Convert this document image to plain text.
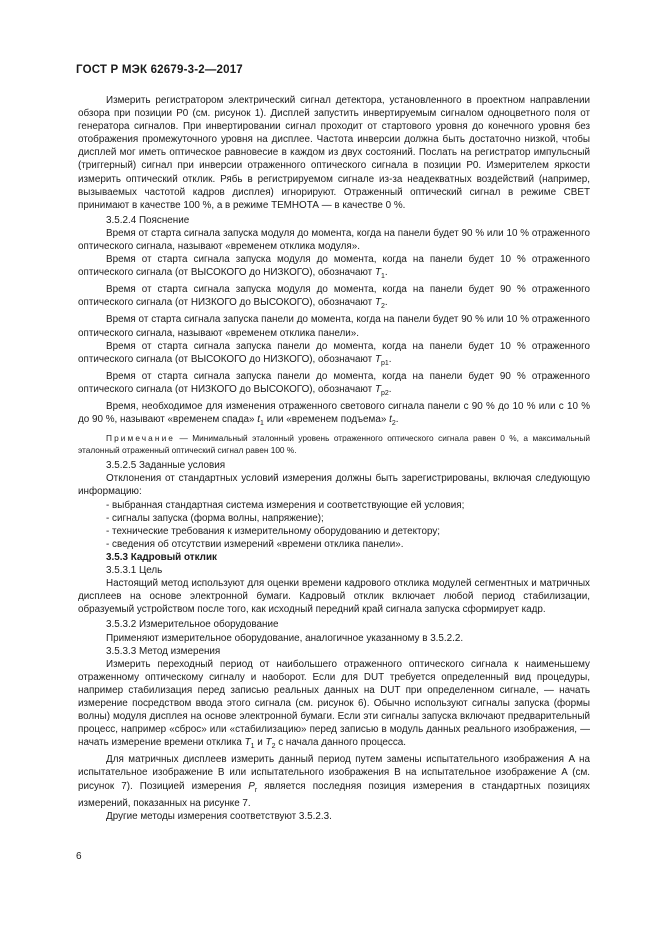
ГОСТ Р МЭК 62679-3-2—2017

Измерить регистратором электрический сигнал детектора, установленного в проектном направлении обзора при позиции P0 (см. рисунок 1). Дисплей запустить инвертируемым сигналом одноцветного поля от генератора сигналов. При инвертировании сигнал проходит от стартового уровня до конечного уровня без отображения промежуточного уровня на дисплее. Частота инверсии должна быть достаточно низкой, чтобы дисплей мог иметь оптическое равновесие в каждом из двух состояний. Послать на регистратор импульсный (триггерный) сигнал при инверсии отраженного оптического сигнала в позиции P0. Измерителем яркости измерить оптический отклик. Рябь в регистрируемом сигнале из-за неадекватных воздействий (например, вызываемых частотой кадров дисплея) игнорируют. Отраженный оптический сигнал в режиме СВЕТ принимают в качестве 100 %, а в режиме ТЕМНОТА — в качестве 0 %.

3.5.2.4 Пояснение

Время от старта сигнала запуска модуля до момента, когда на панели будет 90 % или 10 % отраженного оптического сигнала, называют «временем отклика модуля».

Время от старта сигнала запуска модуля до момента, когда на панели будет 10 % отраженного оптического сигнала (от ВЫСОКОГО до НИЗКОГО), обозначают $T_1$.

Время от старта сигнала запуска модуля до момента, когда на панели будет 90 % отраженного оптического сигнала (от НИЗКОГО до ВЫСОКОГО), обозначают $T_2$.

Время от старта сигнала запуска панели до момента, когда на панели будет 90 % или 10 % отраженного оптического сигнала, называют «временем отклика панели».

Время от старта сигнала запуска панели до момента, когда на панели будет 10 % отраженного оптического сигнала (от ВЫСОКОГО до НИЗКОГО), обозначают $T_{p1}$.

Время от старта сигнала запуска панели до момента, когда на панели будет 90 % отраженного оптического сигнала (от НИЗКОГО до ВЫСОКОГО), обозначают $T_{p2}$.

Время, необходимое для изменения отраженного светового сигнала панели с 90 % до 10 % или с 10 % до 90 %, называют «временем спада» $t_1$ или «временем подъема» $t_2$.

Примечание — Минимальный эталонный уровень отраженного оптического сигнала равен 0 %, а максимальный эталонный отраженный оптический сигнал равен 100 %.

3.5.2.5 Заданные условия

Отклонения от стандартных условий измерения должны быть зарегистрированы, включая следующую информацию:

- выбранная стандартная система измерения и соответствующие ей условия;

- сигналы запуска (форма волны, напряжение);

- технические требования к измерительному оборудованию и детектору;

- сведения об отсутствии измерений «времени отклика панели».

3.5.3 Кадровый отклик

3.5.3.1 Цель

Настоящий метод используют для оценки времени кадрового отклика модулей сегментных и матричных дисплеев на основе электронной бумаги. Кадровый отклик включает любой период стабилизации, образуемый устройством после того, как исходный передний край сигнала запуска сформирует кадр.

3.5.3.2 Измерительное оборудование

Применяют измерительное оборудование, аналогичное указанному в 3.5.2.2.

3.5.3.3 Метод измерения

Измерить переходный период от наибольшего отраженного оптического сигнала к наименьшему отраженному оптическому сигналу и наоборот. Если для DUT требуется определенный вид процедуры, например стабилизация перед записью реальных данных на DUT при определенном сигнале, — начать измерение посредством ввода этого сигнала (см. рисунок 6). Обычно используют сигналы запуска (формы волны) модуля дисплея на основе электронной бумаги. Если эти сигналы запуска включают предварительный процесс, например «сброс» или «стабилизацию» перед записью в модуль данных реального изображения, — начать измерение времени отклика $T_1$ и $T_2$ с начала данного процесса.

Для матричных дисплеев измерить данный период путем замены испытательного изображения A на испытательное изображение B или испытательного изображения B на испытательное изображение A (см. рисунок 7). Позицией измерения $P_r$ является последняя позиция измерения в стандартных позициях измерений, показанных на рисунке 7.

Другие методы измерения соответствуют 3.5.2.3.

6
